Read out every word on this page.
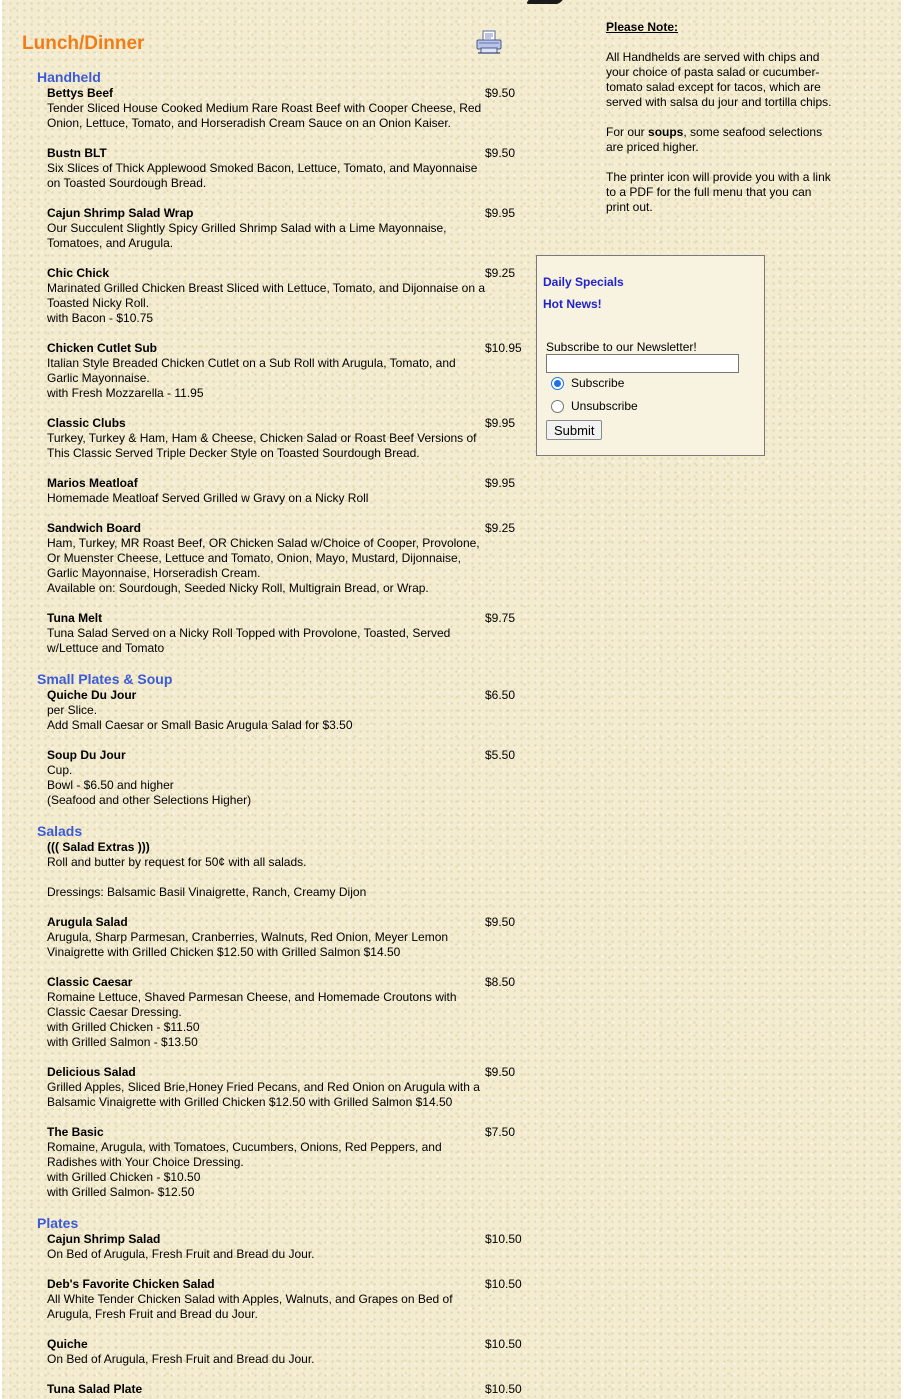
Lunch/Dinner
Handheld
Bettys Beef	$9.50
Tender Sliced House Cooked Medium Rare Roast Beef with Cooper Cheese, Red
Onion, Lettuce, Tomato, and Horseradish Cream Sauce on an Onion Kaiser.
Bustn BLT	$9.50
Six Slices of Thick Applewood Smoked Bacon, Lettuce, Tomato, and Mayonnaise
on Toasted Sourdough Bread.
Cajun Shrimp Salad Wrap	$9.95
Our Succulent Slightly Spicy Grilled Shrimp Salad with a Lime Mayonnaise,
Tomatoes, and Arugula.
Chic Chick	$9.25
Marinated Grilled Chicken Breast Sliced with Lettuce, Tomato, and Dijonnaise on a
Toasted Nicky Roll.
with Bacon - $10.75
Chicken Cutlet Sub	$10.95
Italian Style Breaded Chicken Cutlet on a Sub Roll with Arugula, Tomato, and
Garlic Mayonnaise.
with Fresh Mozzarella - 11.95
Classic Clubs	$9.95
Turkey, Turkey & Ham, Ham & Cheese, Chicken Salad or Roast Beef Versions of
This Classic Served Triple Decker Style on Toasted Sourdough Bread.
Marios Meatloaf	$9.95
Homemade Meatloaf Served Grilled w Gravy on a Nicky Roll
Sandwich Board	$9.25
Ham, Turkey, MR Roast Beef, OR Chicken Salad w/Choice of Cooper, Provolone,
Or Muenster Cheese, Lettuce and Tomato, Onion, Mayo, Mustard, Dijonnaise,
Garlic Mayonnaise, Horseradish Cream.
Available on: Sourdough, Seeded Nicky Roll, Multigrain Bread, or Wrap.
Tuna Melt	$9.75
Tuna Salad Served on a Nicky Roll Topped with Provolone, Toasted, Served
w/Lettuce and Tomato
Small Plates & Soup
Quiche Du Jour	$6.50
per Slice.
Add Small Caesar or Small Basic Arugula Salad for $3.50
Soup Du Jour	$5.50
Cup.
Bowl - $6.50 and higher
(Seafood and other Selections Higher)
Salads
((( Salad Extras )))
Roll and butter by request for 50¢ with all salads.
Dressings: Balsamic Basil Vinaigrette, Ranch, Creamy Dijon
Arugula Salad	$9.50
Arugula, Sharp Parmesan, Cranberries, Walnuts, Red Onion, Meyer Lemon
Vinaigrette with Grilled Chicken $12.50 with Grilled Salmon $14.50
Classic Caesar	$8.50
Romaine Lettuce, Shaved Parmesan Cheese, and Homemade Croutons with
Classic Caesar Dressing.
with Grilled Chicken - $11.50
with Grilled Salmon - $13.50
Delicious Salad	$9.50
Grilled Apples, Sliced Brie,Honey Fried Pecans, and Red Onion on Arugula with a
Balsamic Vinaigrette with Grilled Chicken $12.50 with Grilled Salmon $14.50
The Basic	$7.50
Romaine, Arugula, with Tomatoes, Cucumbers, Onions, Red Peppers, and
Radishes with Your Choice Dressing.
with Grilled Chicken - $10.50
with Grilled Salmon- $12.50
Plates
Cajun Shrimp Salad	$10.50
On Bed of Arugula, Fresh Fruit and Bread du Jour.
Deb's Favorite Chicken Salad	$10.50
All White Tender Chicken Salad with Apples, Walnuts, and Grapes on Bed of
Arugula, Fresh Fruit and Bread du Jour.
Quiche	$10.50
On Bed of Arugula, Fresh Fruit and Bread du Jour.
Tuna Salad Plate	$10.50

Please Note:

All Handhelds are served with chips and your choice of pasta salad or cucumber-tomato salad except for tacos, which are served with salsa du jour and tortilla chips.

For our soups, some seafood selections are priced higher.

The printer icon will provide you with a link to a PDF for the full menu that you can print out.

Daily Specials
Hot News!
Subscribe to our Newsletter!
Subscribe
Unsubscribe
Submit
